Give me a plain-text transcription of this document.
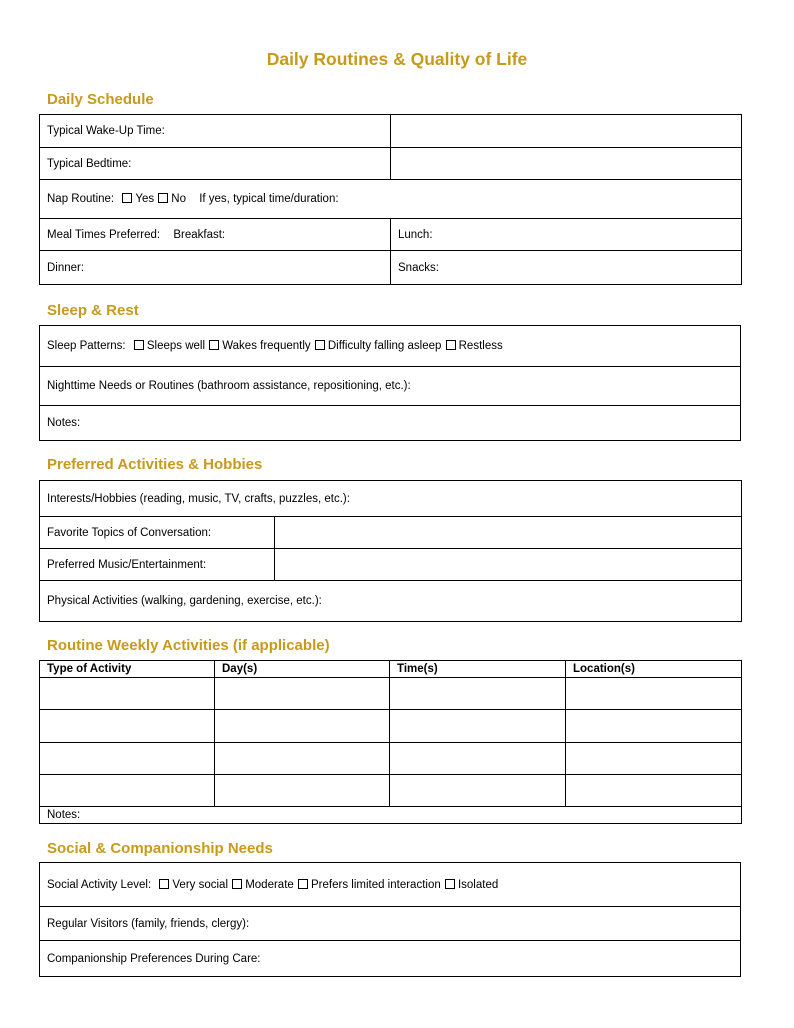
Daily Routines & Quality of Life
Daily Schedule
Typical Wake-Up Time:	
Typical Bedtime:	
Nap Routine: Yes No If yes, typical time/duration:	
Meal Times Preferred: Breakfast:	Lunch:
Dinner:	Snacks:
Sleep & Rest
Sleep Patterns: Sleeps well Wakes frequently Difficulty falling asleep Restless
Nighttime Needs or Routines (bathroom assistance, repositioning, etc.):
Notes:
Preferred Activities & Hobbies
Interests/Hobbies (reading, music, TV, crafts, puzzles, etc.):	
Favorite Topics of Conversation:	
Preferred Music/Entertainment:	
Physical Activities (walking, gardening, exercise, etc.):	
Routine Weekly Activities (if applicable)
Type of Activity	Day(s)	Time(s)	Location(s)

Notes:			
Social & Companionship Needs
Social Activity Level: Very social Moderate Prefers limited interaction Isolated
Regular Visitors (family, friends, clergy):
Companionship Preferences During Care:
